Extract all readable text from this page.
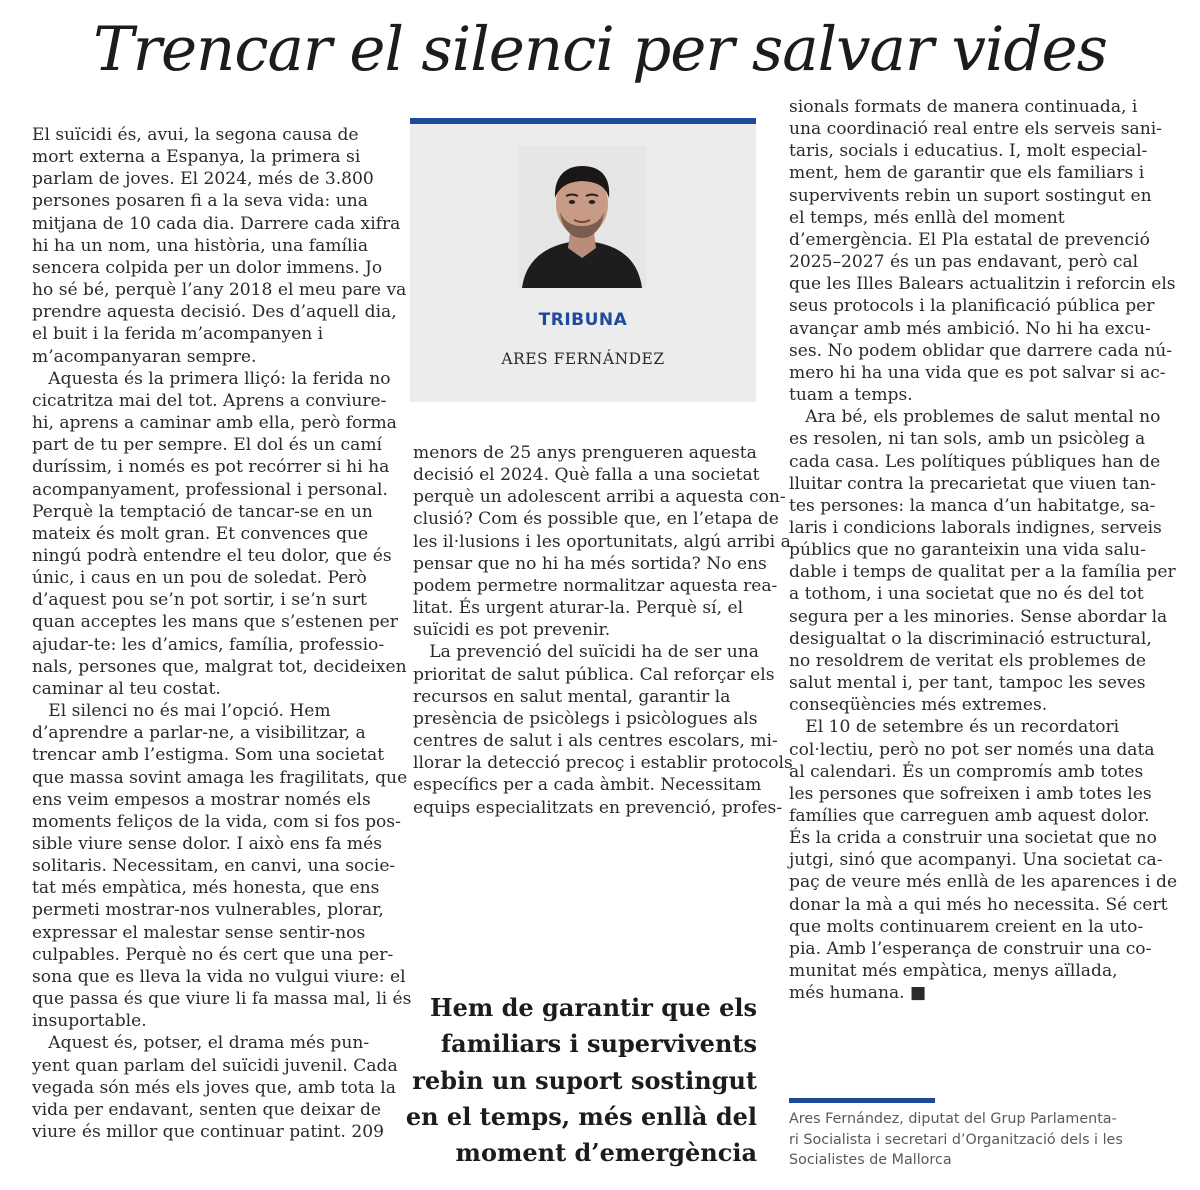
Trencar el silenci per salvar vides
El suïcidi és, avui, la segona causa de
mort externa a Espanya, la primera si
parlam de joves. El 2024, més de 3.800
persones posaren fi a la seva vida: una
mitjana de 10 cada dia. Darrere cada xifra
hi ha un nom, una història, una família
sencera colpida per un dolor immens. Jo
ho sé bé, perquè l’any 2018 el meu pare va
prendre aquesta decisió. Des d’aquell dia,
el buit i la ferida m’acompanyen i
m’acompanyaran sempre.
Aquesta és la primera lliçó: la ferida no
cicatritza mai del tot. Aprens a conviure-
hi, aprens a caminar amb ella, però forma
part de tu per sempre. El dol és un camí
duríssim, i només es pot recórrer si hi ha
acompanyament, professional i personal.
Perquè la temptació de tancar-se en un
mateix és molt gran. Et convences que
ningú podrà entendre el teu dolor, que és
únic, i caus en un pou de soledat. Però
d’aquest pou se’n pot sortir, i se’n surt
quan acceptes les mans que s’estenen per
ajudar-te: les d’amics, família, professio-
nals, persones que, malgrat tot, decideixen
caminar al teu costat.
El silenci no és mai l’opció. Hem
d’aprendre a parlar-ne, a visibilitzar, a
trencar amb l’estigma. Som una societat
que massa sovint amaga les fragilitats, que
ens veim empesos a mostrar només els
moments feliços de la vida, com si fos pos-
sible viure sense dolor. I això ens fa més
solitaris. Necessitam, en canvi, una socie-
tat més empàtica, més honesta, que ens
permeti mostrar-nos vulnerables, plorar,
expressar el malestar sense sentir-nos
culpables. Perquè no és cert que una per-
sona que es lleva la vida no vulgui viure: el
que passa és que viure li fa massa mal, li és
insuportable.
Aquest és, potser, el drama més pun-
yent quan parlam del suïcidi juvenil. Cada
vegada són més els joves que, amb tota la
vida per endavant, senten que deixar de
viure és millor que continuar patint. 209
TRIBUNA
ARES FERNÁNDEZ
menors de 25 anys prengueren aquesta
decisió el 2024. Què falla a una societat
perquè un adolescent arribi a aquesta con-
clusió? Com és possible que, en l’etapa de
les il·lusions i les oportunitats, algú arribi a
pensar que no hi ha més sortida? No ens
podem permetre normalitzar aquesta rea-
litat. És urgent aturar-la. Perquè sí, el
suïcidi es pot prevenir.
La prevenció del suïcidi ha de ser una
prioritat de salut pública. Cal reforçar els
recursos en salut mental, garantir la
presència de psicòlegs i psicòlogues als
centres de salut i als centres escolars, mi-
llorar la detecció precoç i establir protocols
específics per a cada àmbit. Necessitam
equips especialitzats en prevenció, profes-
sionals formats de manera continuada, i
una coordinació real entre els serveis sani-
taris, socials i educatius. I, molt especial-
ment, hem de garantir que els familiars i
supervivents rebin un suport sostingut en
el temps, més enllà del moment
d’emergència. El Pla estatal de prevenció
2025–2027 és un pas endavant, però cal
que les Illes Balears actualitzin i reforcin els
seus protocols i la planificació pública per
avançar amb més ambició. No hi ha excu-
ses. No podem oblidar que darrere cada nú-
mero hi ha una vida que es pot salvar si ac-
tuam a temps.
Ara bé, els problemes de salut mental no
es resolen, ni tan sols, amb un psicòleg a
cada casa. Les polítiques públiques han de
lluitar contra la precarietat que viuen tan-
tes persones: la manca d’un habitatge, sa-
laris i condicions laborals indignes, serveis
públics que no garanteixin una vida salu-
dable i temps de qualitat per a la família per
a tothom, i una societat que no és del tot
segura per a les minories. Sense abordar la
desigualtat o la discriminació estructural,
no resoldrem de veritat els problemes de
salut mental i, per tant, tampoc les seves
conseqüències més extremes.
El 10 de setembre és un recordatori
col·lectiu, però no pot ser només una data
al calendari. És un compromís amb totes
les persones que sofreixen i amb totes les
famílies que carreguen amb aquest dolor.
És la crida a construir una societat que no
jutgi, sinó que acompanyi. Una societat ca-
paç de veure més enllà de les aparences i de
donar la mà a qui més ho necessita. Sé cert
que molts continuarem creient en la uto-
pia. Amb l’esperança de construir una co-
munitat més empàtica, menys aïllada,
més humana. ■
Hem de garantir que els
familiars i supervivents
rebin un suport sostingut
en el temps, més enllà del
moment d’emergència
Ares Fernández, diputat del Grup Parlamenta-
ri Socialista i secretari d’Organització dels i les
Socialistes de Mallorca
